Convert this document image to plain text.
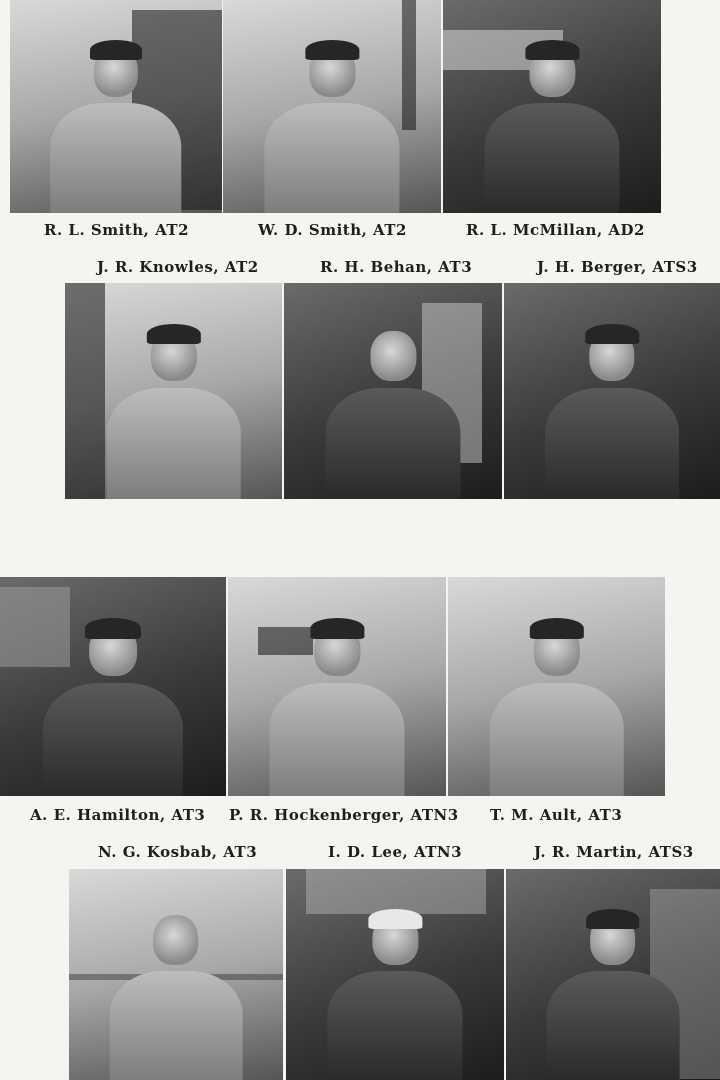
R. L. Smith, AT2	W. D. Smith, AT2	R. L. McMillan, AD2
J. R. Knowles, AT2	R. H. Behan, AT3	J. H. Berger, ATS3
A. E. Hamilton, AT3 P. R. Hockenberger, ATN3 T. M. Ault, AT3
N. G. Kosbab, AT3	I. D. Lee, ATN3	J. R. Martin, ATS3
